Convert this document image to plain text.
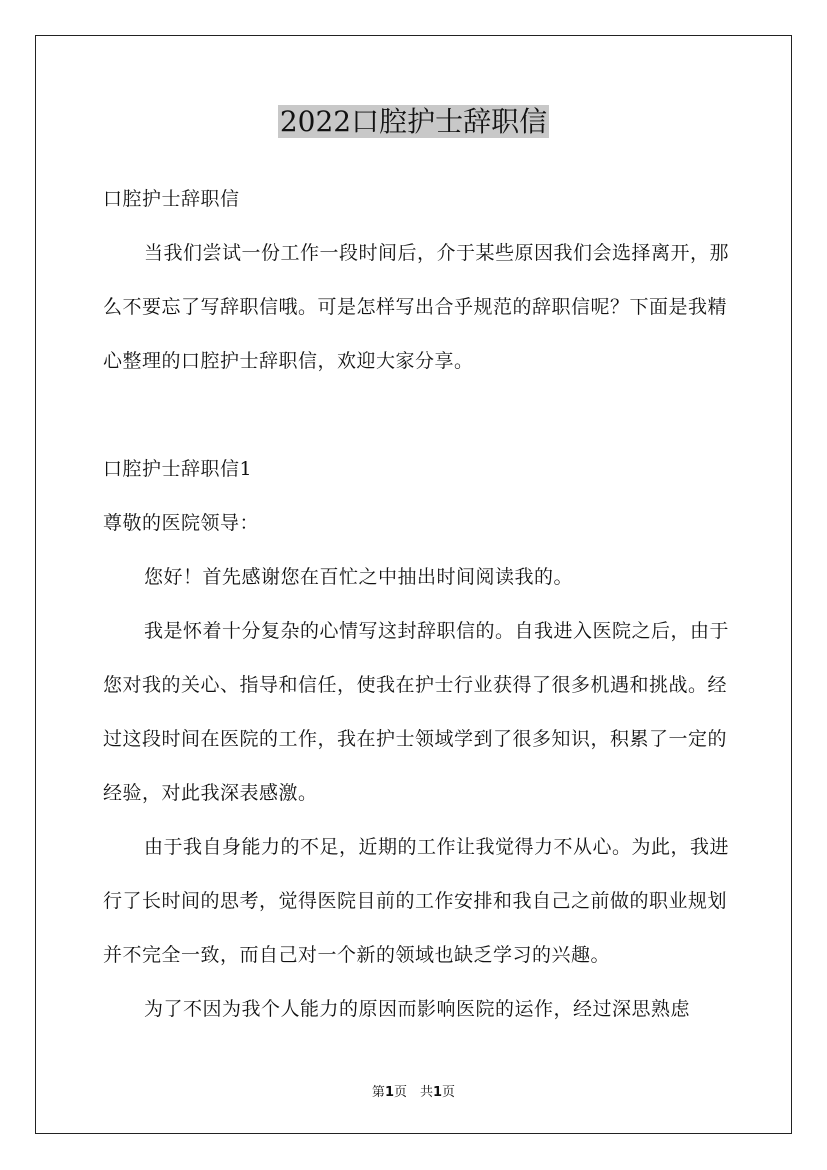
2022口腔护士辞职信

口腔护士辞职信

当我们尝试一份工作一段时间后，介于某些原因我们会选择离开，那么不要忘了写辞职信哦。可是怎样写出合乎规范的辞职信呢？下面是我精心整理的口腔护士辞职信，欢迎大家分享。

口腔护士辞职信1

尊敬的医院领导：

您好！首先感谢您在百忙之中抽出时间阅读我的。

我是怀着十分复杂的心情写这封辞职信的。自我进入医院之后，由于您对我的关心、指导和信任，使我在护士行业获得了很多机遇和挑战。经过这段时间在医院的工作，我在护士领域学到了很多知识，积累了一定的经验，对此我深表感激。

由于我自身能力的不足，近期的工作让我觉得力不从心。为此，我进行了长时间的思考，觉得医院目前的工作安排和我自己之前做的职业规划并不完全一致，而自己对一个新的领域也缺乏学习的兴趣。

为了不因为我个人能力的原因而影响医院的运作，经过深思熟虑

第1页　共1页
